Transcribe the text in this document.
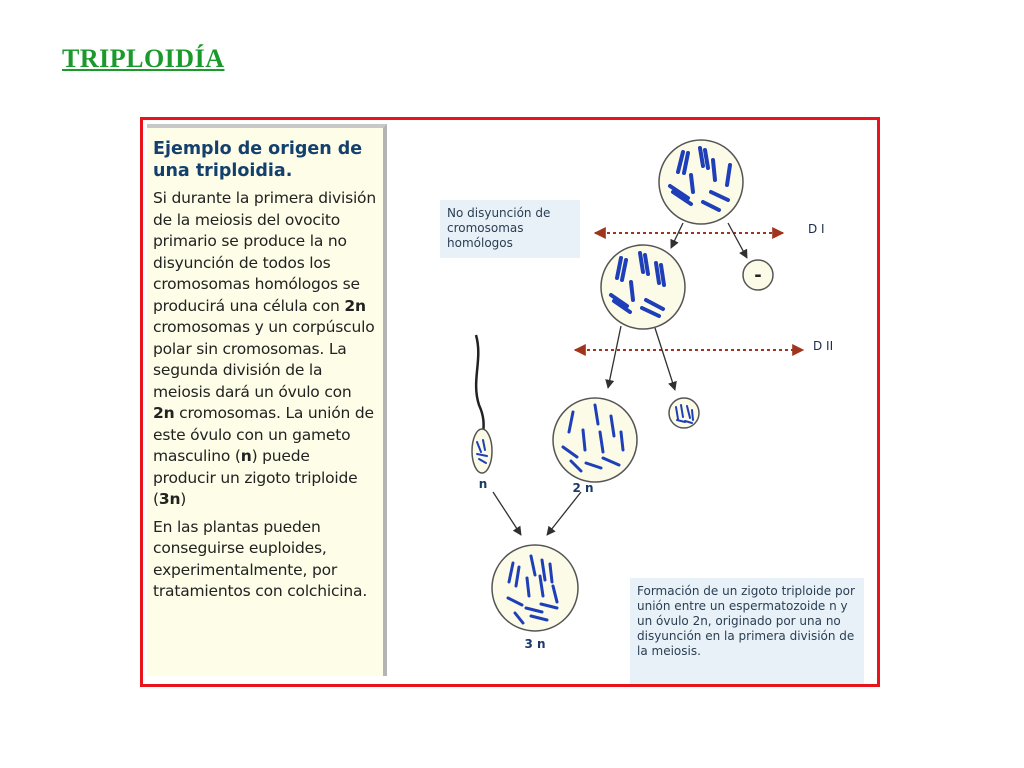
TRIPLOIDÍA

Ejemplo de origen de una triploidia.

Si durante la primera división de la meiosis del ovocito primario se produce la no disyunción de todos los cromosomas homólogos se producirá una célula con 2n cromosomas y un corpúsculo polar sin cromosomas. La segunda división de la meiosis dará un óvulo con 2n cromosomas. La unión de este óvulo con un gameto masculino (n) puede producir un zigoto triploide (3n)

En las plantas pueden conseguirse euploides, experimentalmente, por tratamientos con colchicina.

No disyunción de cromosomas homólogos
Formación de un zigoto triploide por unión entre un espermatozoide n y un óvulo 2n, originado por una no disyunción en la primera división de la meiosis.
D I
D II
-
n	2 n
3 n
